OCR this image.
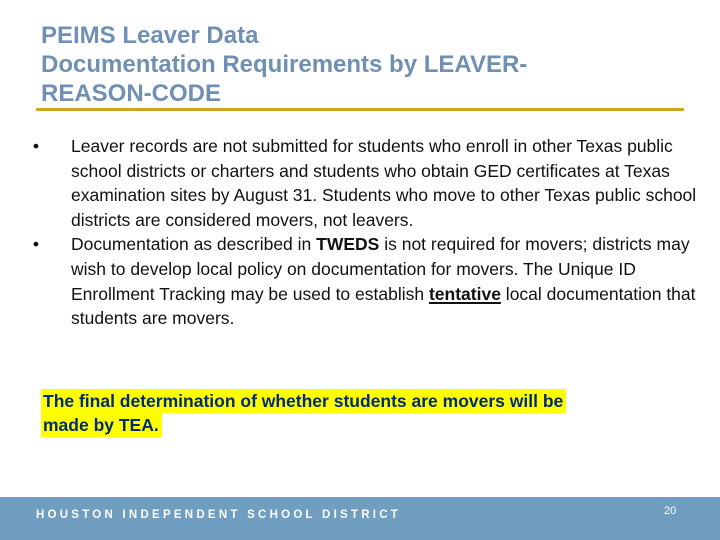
PEIMS Leaver Data
Documentation Requirements by LEAVER-
REASON-CODE
•	Leaver records are not submitted for students who enroll in other Texas public school districts or charters and students who obtain GED certificates at Texas examination sites by August 31. Students who move to other Texas public school districts are considered movers, not leavers.
•	Documentation as described in TWEDS is not required for movers; districts may wish to develop local policy on documentation for movers. The Unique ID Enrollment Tracking may be used to establish tentative local documentation that students are movers.

The final determination of whether students are movers will be
made by TEA.

HOUSTON INDEPENDENT SCHOOL DISTRICT	20
